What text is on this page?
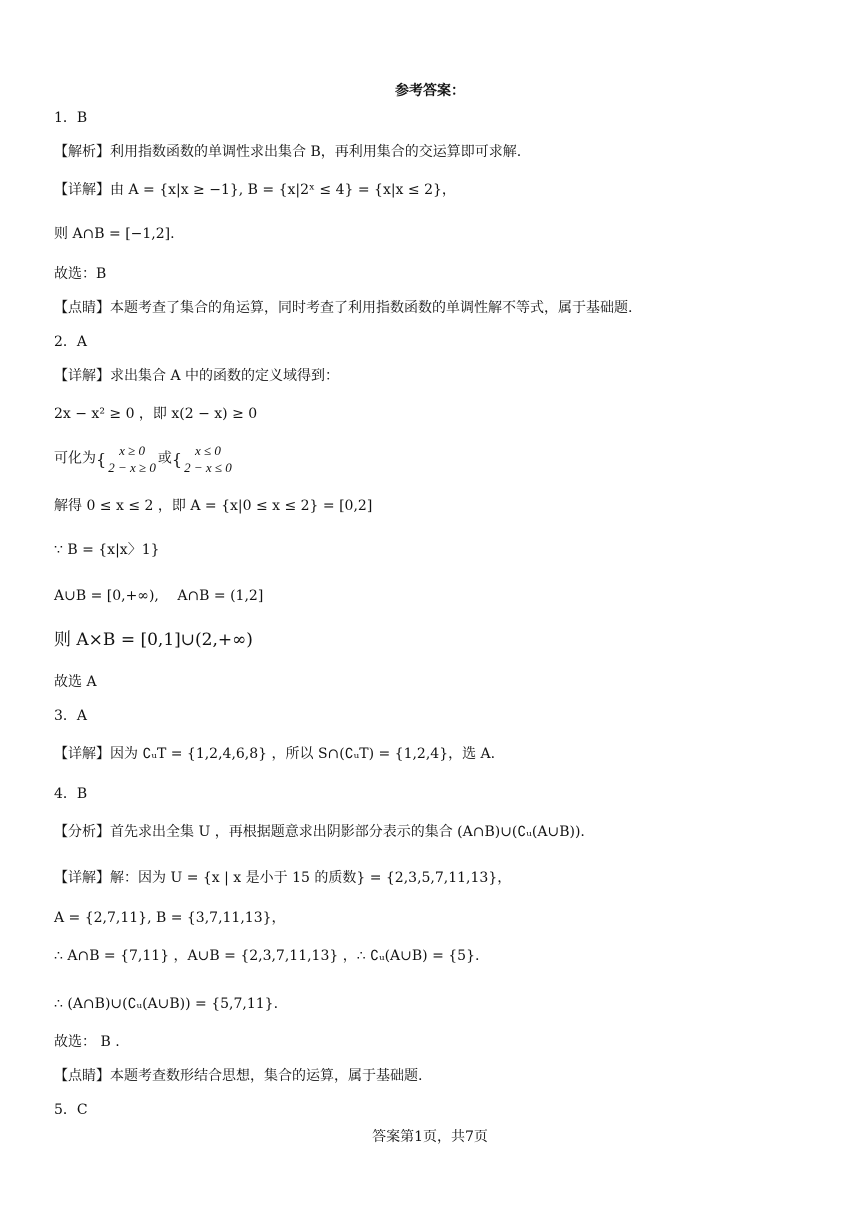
参考答案：
1．B
【解析】利用指数函数的单调性求出集合 B，再利用集合的交运算即可求解.
【详解】由 A = {x|x ≥ −1}, B = {x|2ˣ ≤ 4} = {x|x ≤ 2}，
则 A∩B = [−1,2].
故选：B
【点睛】本题考查了集合的角运算，同时考查了利用指数函数的单调性解不等式，属于基础题.
2．A
【详解】求出集合 A 中的函数的定义域得到：
2x − x² ≥ 0 ，即 x(2 − x) ≥ 0
可化为{ x ≥ 0
2 − x ≥ 0
或{ x ≤ 0
2 − x ≤ 0
解得 0 ≤ x ≤ 2 ，即 A = {x|0 ≤ x ≤ 2} = [0,2]
∵ B = {x|x〉1}
A∪B = [0,+∞),　 A∩B = (1,2]
则 A×B = [0,1]∪(2,+∞)
故选 A
3．A
【详解】因为 ∁ᵤT = {1,2,4,6,8} ，所以 S∩(∁ᵤT) = {1,2,4}，选 A.
4．B
【分析】首先求出全集 U ，再根据题意求出阴影部分表示的集合 (A∩B)∪(∁ᵤ(A∪B)).
【详解】解：因为 U = {x | x 是小于 15 的质数} = {2,3,5,7,11,13}，
A = {2,7,11}, B = {3,7,11,13}，
∴ A∩B = {7,11} ，A∪B = {2,3,7,11,13} ，∴ ∁ᵤ(A∪B) = {5}.
∴ (A∩B)∪(∁ᵤ(A∪B)) = {5,7,11}.
故选： B .
【点睛】本题考查数形结合思想，集合的运算，属于基础题.
5．C
答案第1页，共7页
